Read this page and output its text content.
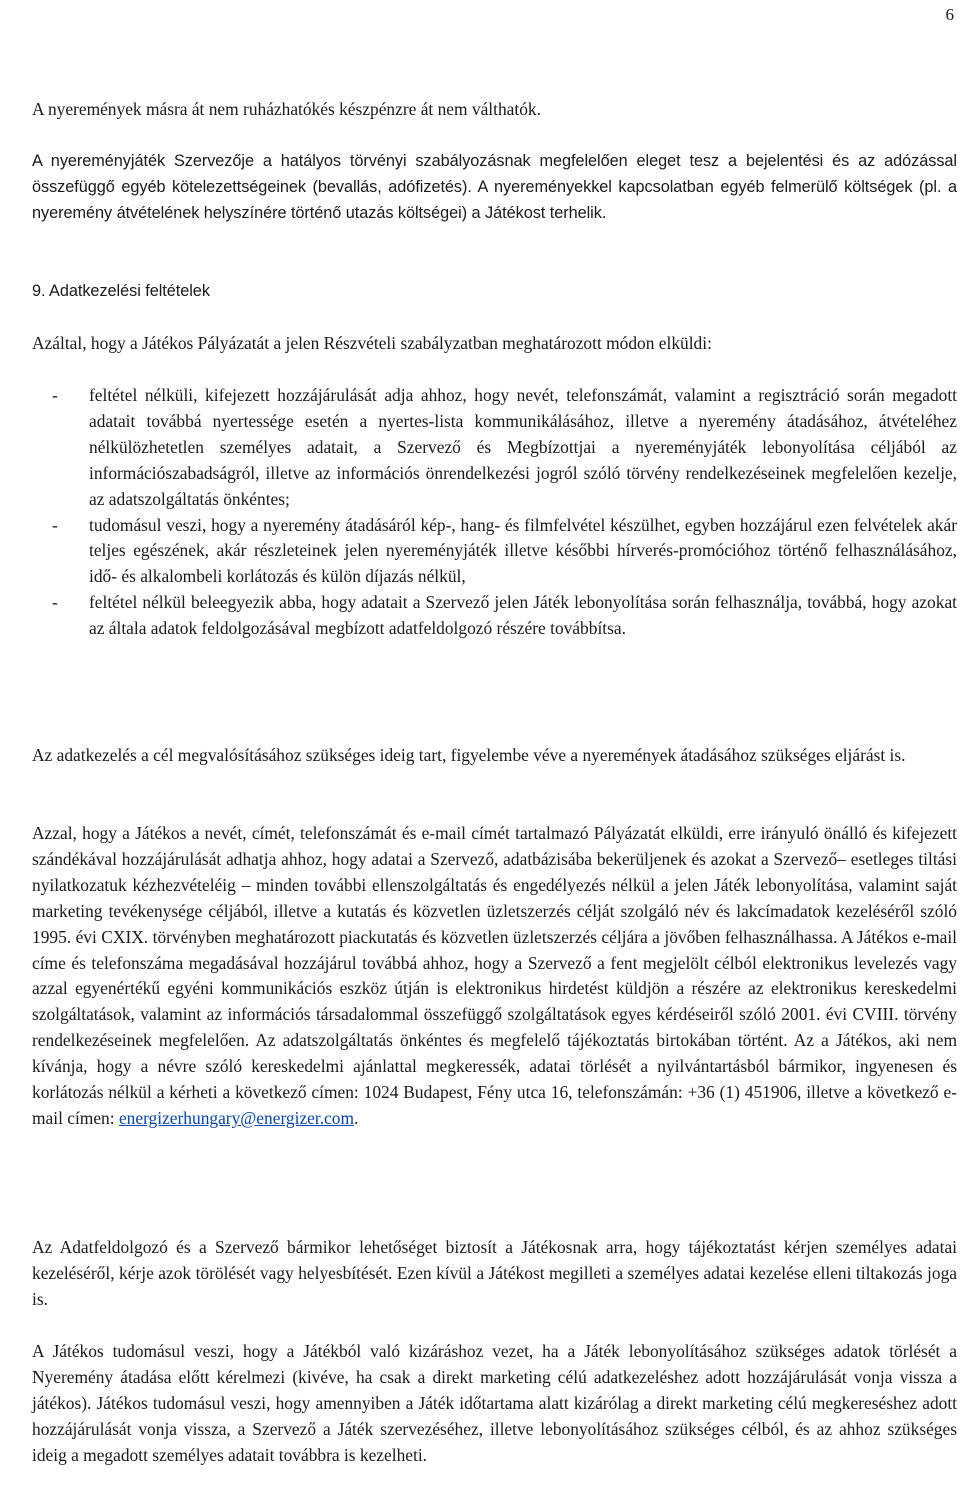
6

A nyeremények másra át nem ruházhatókés készpénzre át nem válthatók.

A nyereményjáték Szervezője a hatályos törvényi szabályozásnak megfelelően eleget tesz a bejelentési és az adózással összefüggő egyéb kötelezettségeinek (bevallás, adófizetés). A nyereményekkel kapcsolatban egyéb felmerülő költségek (pl. a nyeremény átvételének helyszínére történő utazás költségei) a Játékost terhelik.

9. Adatkezelési feltételek

Azáltal, hogy a Játékos Pályázatát a jelen Részvételi szabályzatban meghatározott módon elküldi:

- feltétel nélküli, kifejezett hozzájárulását adja ahhoz, hogy nevét, telefonszámát, valamint a regisztráció során megadott adatait továbbá nyertessége esetén a nyertes-lista kommunikálásához, illetve a nyeremény átadásához, átvételéhez nélkülözhetetlen személyes adatait, a Szervező és Megbízottjai a nyereményjáték lebonyolítása céljából az információszabadságról, illetve az információs önrendelkezési jogról szóló törvény rendelkezéseinek megfelelően kezelje, az adatszolgáltatás önkéntes;
- tudomásul veszi, hogy a nyeremény átadásáról kép-, hang- és filmfelvétel készülhet, egyben hozzájárul ezen felvételek akár teljes egészének, akár részleteinek jelen nyereményjáték illetve későbbi hírverés-promócióhoz történő felhasználásához, idő- és alkalombeli korlátozás és külön díjazás nélkül,
- feltétel nélkül beleegyezik abba, hogy adatait a Szervező jelen Játék lebonyolítása során felhasználja, továbbá, hogy azokat az általa adatok feldolgozásával megbízott adatfeldolgozó részére továbbítsa.

Az adatkezelés a cél megvalósításához szükséges ideig tart, figyelembe véve a nyeremények átadásához szükséges eljárást is.

Azzal, hogy a Játékos a nevét, címét, telefonszámát és e-mail címét tartalmazó Pályázatát elküldi, erre irányuló önálló és kifejezett szándékával hozzájárulását adhatja ahhoz, hogy adatai a Szervező, adatbázisába bekerüljenek és azokat a Szervező– esetleges tiltási nyilatkozatuk kézhezvételéig – minden további ellenszolgáltatás és engedélyezés nélkül a jelen Játék lebonyolítása, valamint saját marketing tevékenysége céljából, illetve a kutatás és közvetlen üzletszerzés célját szolgáló név és lakcímadatok kezeléséről szóló 1995. évi CXIX. törvényben meghatározott piackutatás és közvetlen üzletszerzés céljára a jövőben felhasználhassa. A Játékos e-mail címe és telefonszáma megadásával hozzájárul továbbá ahhoz, hogy a Szervező a fent megjelölt célból elektronikus levelezés vagy azzal egyenértékű egyéni kommunikációs eszköz útján is elektronikus hirdetést küldjön a részére az elektronikus kereskedelmi szolgáltatások, valamint az információs társadalommal összefüggő szolgáltatások egyes kérdéseiről szóló 2001. évi CVIII. törvény rendelkezéseinek megfelelően. Az adatszolgáltatás önkéntes és megfelelő tájékoztatás birtokában történt. Az a Játékos, aki nem kívánja, hogy a névre szóló kereskedelmi ajánlattal megkeressék, adatai törlését a nyilvántartásból bármikor, ingyenesen és korlátozás nélkül a kérheti a következő címen: 1024 Budapest, Fény utca 16, telefonszámán: +36 (1) 451906, illetve a következő e-mail címen: energizerhungary@energizer.com.

Az Adatfeldolgozó és a Szervező bármikor lehetőséget biztosít a Játékosnak arra, hogy tájékoztatást kérjen személyes adatai kezeléséről, kérje azok törölését vagy helyesbítését. Ezen kívül a Játékost megilleti a személyes adatai kezelése elleni tiltakozás joga is.

A Játékos tudomásul veszi, hogy a Játékból való kizáráshoz vezet, ha a Játék lebonyolításához szükséges adatok törlését a Nyeremény átadása előtt kérelmezi (kivéve, ha csak a direkt marketing célú adatkezeléshez adott hozzájárulását vonja vissza a játékos). Játékos tudomásul veszi, hogy amennyiben a Játék időtartama alatt kizárólag a direkt marketing célú megkereséshez adott hozzájárulását vonja vissza, a Szervező a Játék szervezéséhez, illetve lebonyolításához szükséges célból, és az ahhoz szükséges ideig a megadott személyes adatait továbbra is kezelheti.
